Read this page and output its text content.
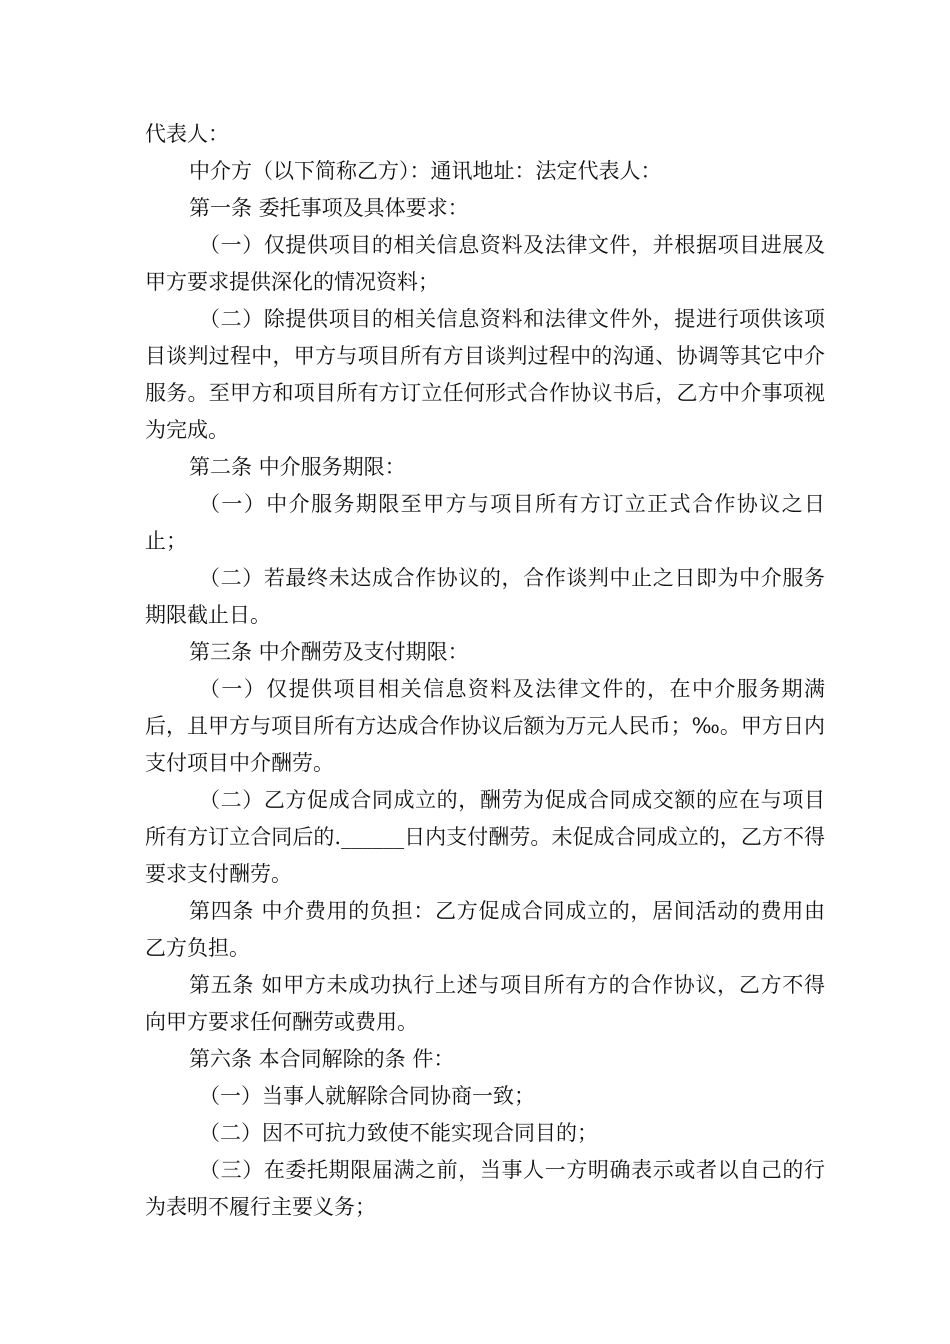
代表人：

中介方（以下简称乙方）：通讯地址：法定代表人：

第一条 委托事项及具体要求：

（一）仅提供项目的相关信息资料及法律文件，并根据项目进展及甲方要求提供深化的情况资料；

（二）除提供项目的相关信息资料和法律文件外，提进行项供该项目谈判过程中，甲方与项目所有方目谈判过程中的沟通、协调等其它中介服务。至甲方和项目所有方订立任何形式合作协议书后，乙方中介事项视为完成。

第二条 中介服务期限：

（一）中介服务期限至甲方与项目所有方订立正式合作协议之日止；

（二）若最终未达成合作协议的，合作谈判中止之日即为中介服务期限截止日。

第三条 中介酬劳及支付期限：

（一）仅提供项目相关信息资料及法律文件的，在中介服务期满后，且甲方与项目所有方达成合作协议后额为万元人民币；‰。甲方日内支付项目中介酬劳。

（二）乙方促成合同成立的，酬劳为促成合同成交额的应在与项目所有方订立合同后的.______日内支付酬劳。未促成合同成立的，乙方不得要求支付酬劳。

第四条 中介费用的负担：乙方促成合同成立的，居间活动的费用由乙方负担。

第五条 如甲方未成功执行上述与项目所有方的合作协议，乙方不得向甲方要求任何酬劳或费用。

第六条 本合同解除的条 件：

（一）当事人就解除合同协商一致；

（二）因不可抗力致使不能实现合同目的；

（三）在委托期限届满之前，当事人一方明确表示或者以自己的行为表明不履行主要义务；
